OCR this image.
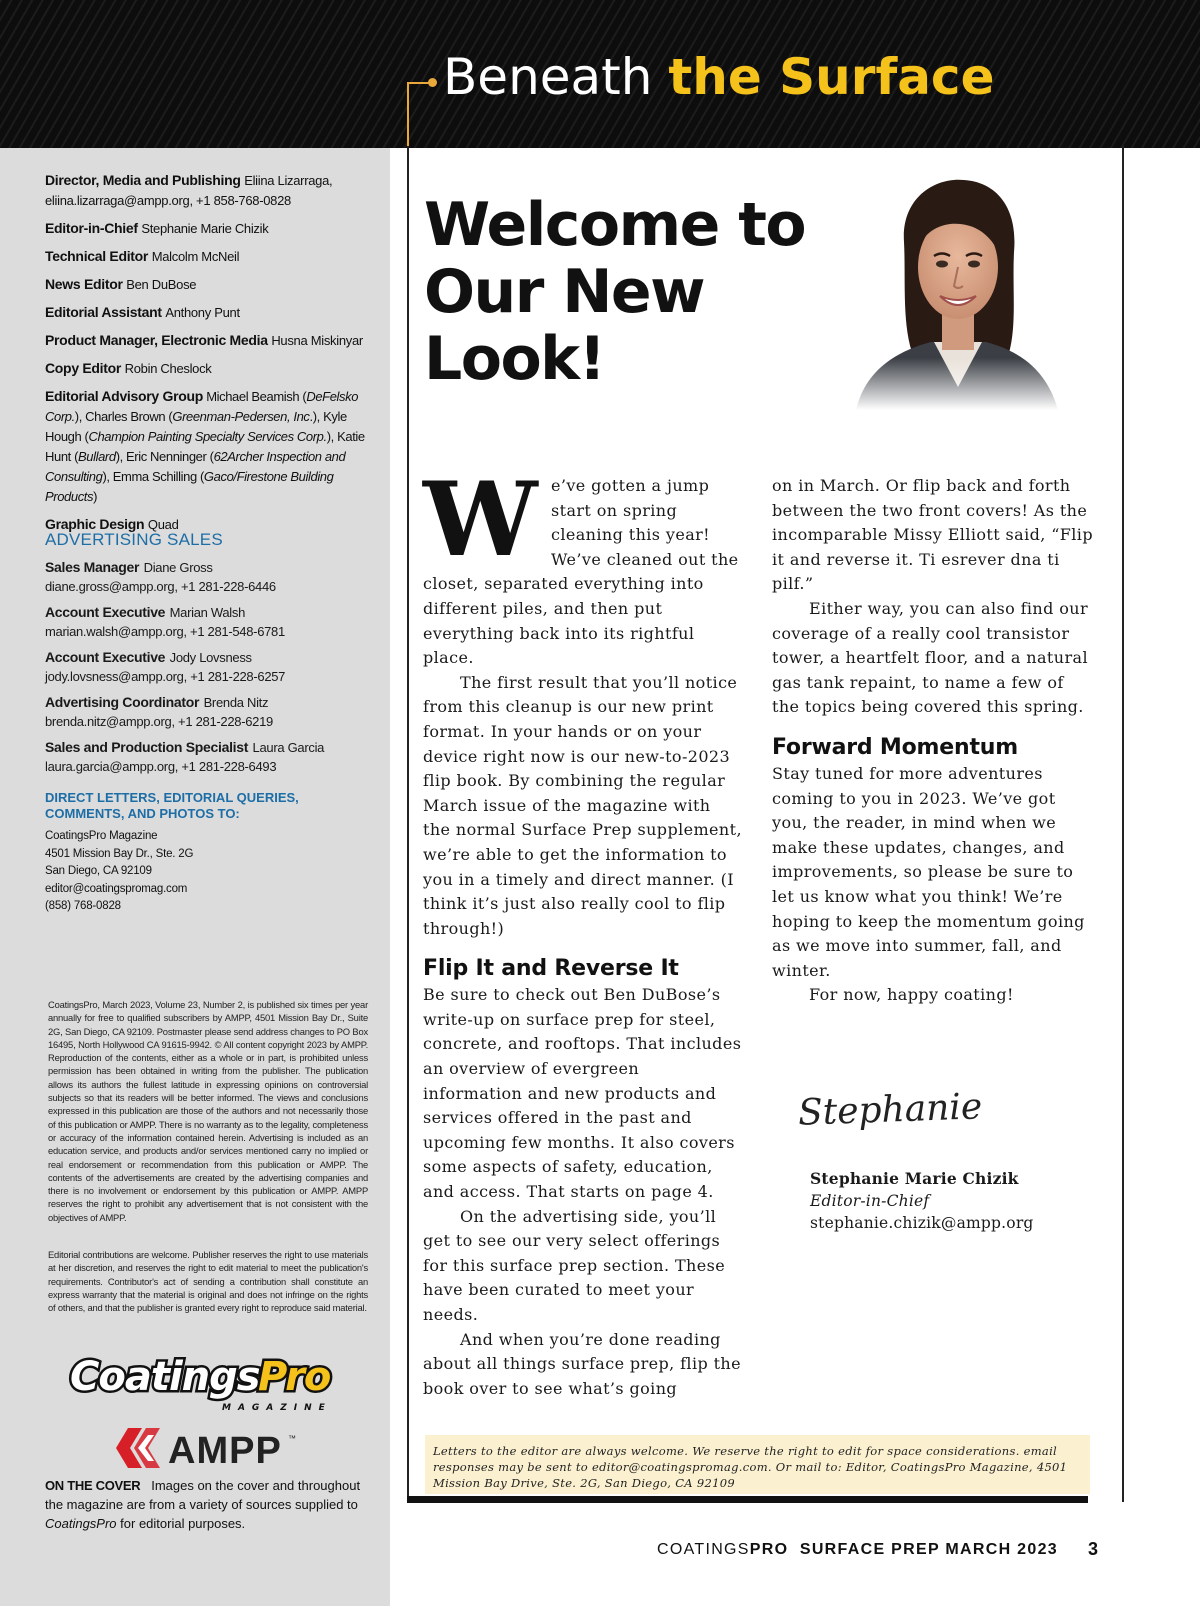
Beneath the Surface
Director, Media and Publishing Eliina Lizarraga,
eliina.lizarraga@ampp.org, +1 858-768-0828
Editor-in-Chief Stephanie Marie Chizik
Technical Editor Malcolm McNeil
News Editor Ben DuBose
Editorial Assistant Anthony Punt
Product Manager, Electronic Media Husna Miskinyar
Copy Editor Robin Cheslock
Editorial Advisory Group Michael Beamish (DeFelsko Corp.), Charles Brown (Greenman-Pedersen, Inc.), Kyle Hough (Champion Painting Specialty Services Corp.), Katie Hunt (Bullard), Eric Nenninger (62Archer Inspection and Consulting), Emma Schilling (Gaco/Firestone Building Products)
Graphic Design Quad
ADVERTISING SALES
Sales Manager Diane Gross
diane.gross@ampp.org, +1 281-228-6446
Account Executive Marian Walsh
marian.walsh@ampp.org, +1 281-548-6781
Account Executive Jody Lovsness
jody.lovsness@ampp.org, +1 281-228-6257
Advertising Coordinator Brenda Nitz
brenda.nitz@ampp.org, +1 281-228-6219
Sales and Production Specialist Laura Garcia
laura.garcia@ampp.org, +1 281-228-6493
DIRECT LETTERS, EDITORIAL QUERIES, COMMENTS, AND PHOTOS TO:
CoatingsPro Magazine
4501 Mission Bay Dr., Ste. 2G
San Diego, CA 92109
editor@coatingspromag.com
(858) 768-0828
CoatingsPro, March 2023, Volume 23, Number 2, is published six times per year annually for free to qualified subscribers by AMPP, 4501 Mission Bay Dr., Suite 2G, San Diego, CA 92109. Postmaster please send address changes to PO Box 16495, North Hollywood CA 91615-9942. © All content copyright 2023 by AMPP. Reproduction of the contents, either as a whole or in part, is prohibited unless permission has been obtained in writing from the publisher. The publication allows its authors the fullest latitude in expressing opinions on controversial subjects so that its readers will be better informed. The views and conclusions expressed in this publication are those of the authors and not necessarily those of this publication or AMPP. There is no warranty as to the legality, completeness or accuracy of the information contained herein. Advertising is included as an education service, and products and/or services mentioned carry no implied or real endorsement or recommendation from this publication or AMPP. The contents of the advertisements are created by the advertising companies and there is no involvement or endorsement by this publication or AMPP. AMPP reserves the right to prohibit any advertisement that is not consistent with the objectives of AMPP.
Editorial contributions are welcome. Publisher reserves the right to use materials at her discretion, and reserves the right to edit material to meet the publication's requirements. Contributor's act of sending a contribution shall constitute an express warranty that the material is original and does not infringe on the rights of others, and that the publisher is granted every right to reproduce said material.
Coatings
Pro
MAGAZINE
AMPP ™
ON THE COVER Images on the cover and throughout the magazine are from a variety of sources supplied to CoatingsPro for editorial purposes.
Welcome to Our New Look!
W e’ve gotten a jump start on spring cleaning this year! We’ve cleaned out the closet, separated everything into different piles, and then put everything back into its rightful place.

The first result that you’ll notice from this cleanup is our new print format. In your hands or on your device right now is our new-to-2023 flip book. By combining the regular March issue of the magazine with the normal Surface Prep supplement, we’re able to get the information to you in a timely and direct manner. (I think it’s just also really cool to flip through!)

Flip It and Reverse It

Be sure to check out Ben DuBose’s write-up on surface prep for steel, concrete, and rooftops. That includes an overview of evergreen information and new products and services offered in the past and upcoming few months. It also covers some aspects of safety, education, and access. That starts on page 4.

On the advertising side, you’ll get to see our very select offerings for this surface prep section. These have been curated to meet your needs.

And when you’re done reading about all things surface prep, flip the book over to see what’s going

on in March. Or flip back and forth between the two front covers! As the incomparable Missy Elliott said, “Flip it and reverse it. Ti esrever dna ti pilf.”

Either way, you can also find our coverage of a really cool transistor tower, a heartfelt floor, and a natural gas tank repaint, to name a few of the topics being covered this spring.

Forward Momentum

Stay tuned for more adventures coming to you in 2023. We’ve got you, the reader, in mind when we make these updates, changes, and improvements, so please be sure to let us know what you think! We’re hoping to keep the momentum going as we move into summer, fall, and winter.

For now, happy coating!

Stephanie
Stephanie Marie Chizik
Editor-in-Chief
stephanie.chizik@ampp.org
Letters to the editor are always welcome. We reserve the right to edit for space considerations. email responses may be sent to editor@coatingspromag.com. Or mail to: Editor, CoatingsPro Magazine, 4501 Mission Bay Drive, Ste. 2G, San Diego, CA 92109
COATINGSPRO SURFACE PREP MARCH 2023 3
